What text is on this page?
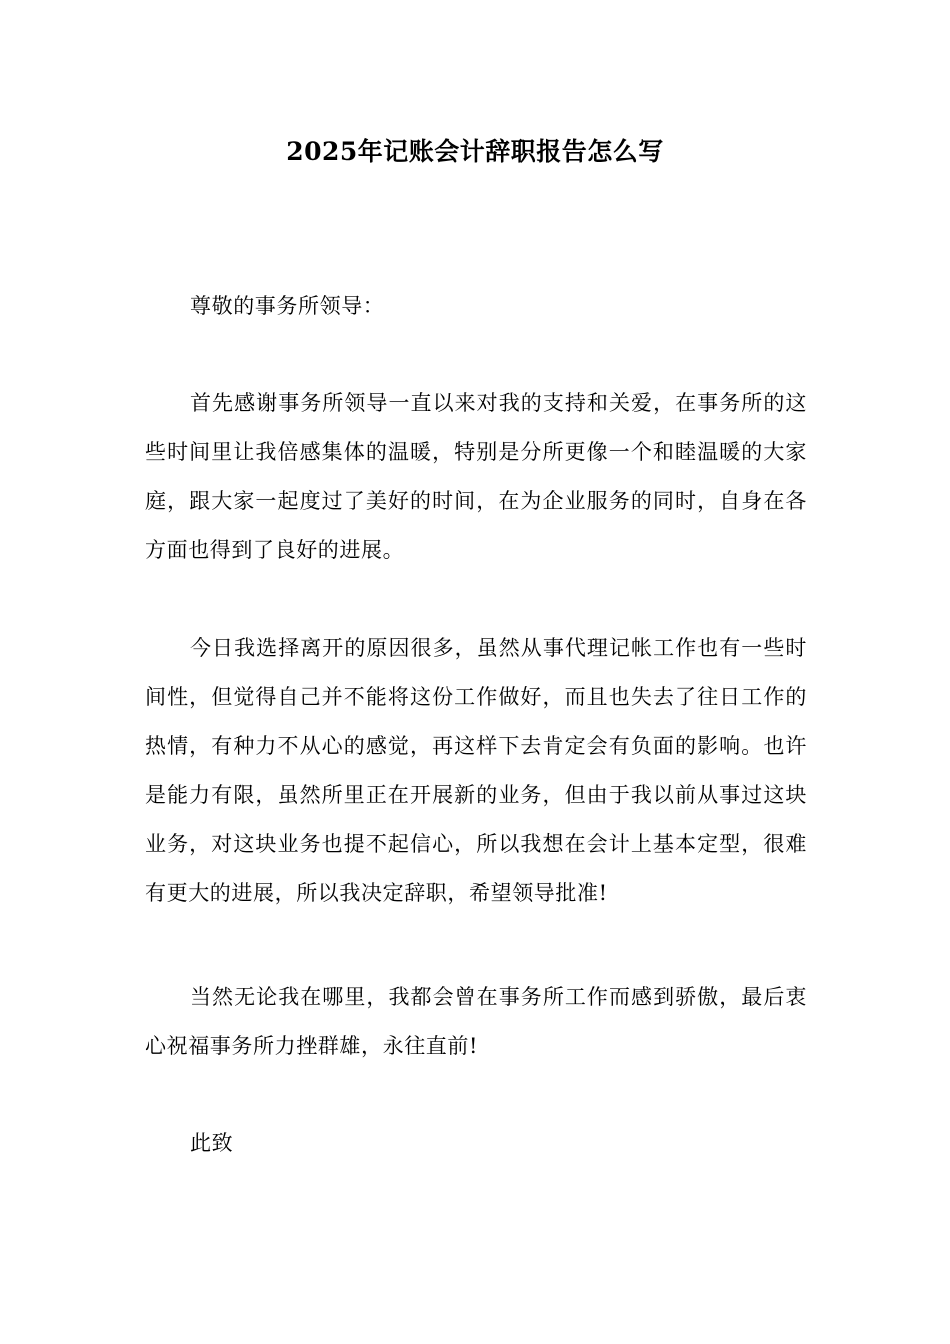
2025年记账会计辞职报告怎么写
尊敬的事务所领导：
首先感谢事务所领导一直以来对我的支持和关爱，在事务所的这些时间里让我倍感集体的温暖，特别是分所更像一个和睦温暖的大家庭，跟大家一起度过了美好的时间，在为企业服务的同时，自身在各方面也得到了良好的进展。
今日我选择离开的原因很多，虽然从事代理记帐工作也有一些时间性，但觉得自己并不能将这份工作做好，而且也失去了往日工作的热情，有种力不从心的感觉，再这样下去肯定会有负面的影响。也许是能力有限，虽然所里正在开展新的业务，但由于我以前从事过这块业务，对这块业务也提不起信心，所以我想在会计上基本定型，很难有更大的进展，所以我决定辞职，希望领导批准!
当然无论我在哪里，我都会曾在事务所工作而感到骄傲，最后衷心祝福事务所力挫群雄，永往直前!
此致
